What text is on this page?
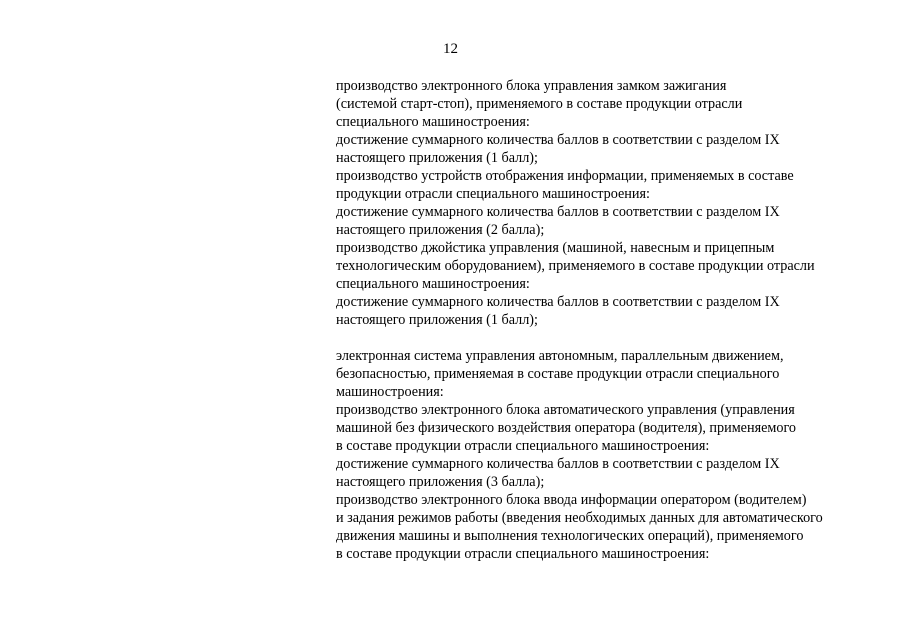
12
производство электронного блока управления замком зажигания
(системой старт-стоп), применяемого в составе продукции отрасли
специального машиностроения:
достижение суммарного количества баллов в соответствии с разделом IX
настоящего приложения (1 балл);
производство устройств отображения информации, применяемых в составе
продукции отрасли специального машиностроения:
достижение суммарного количества баллов в соответствии с разделом IX
настоящего приложения (2 балла);
производство джойстика управления (машиной, навесным и прицепным
технологическим оборудованием), применяемого в составе продукции отрасли
специального машиностроения:
достижение суммарного количества баллов в соответствии с разделом IX
настоящего приложения (1 балл);
электронная система управления автономным, параллельным движением,
безопасностью, применяемая в составе продукции отрасли специального
машиностроения:
производство электронного блока автоматического управления (управления
машиной без физического воздействия оператора (водителя), применяемого
в составе продукции отрасли специального машиностроения:
достижение суммарного количества баллов в соответствии с разделом IX
настоящего приложения (3 балла);
производство электронного блока ввода информации оператором (водителем)
и задания режимов работы (введения необходимых данных для автоматического
движения машины и выполнения технологических операций), применяемого
в составе продукции отрасли специального машиностроения:
